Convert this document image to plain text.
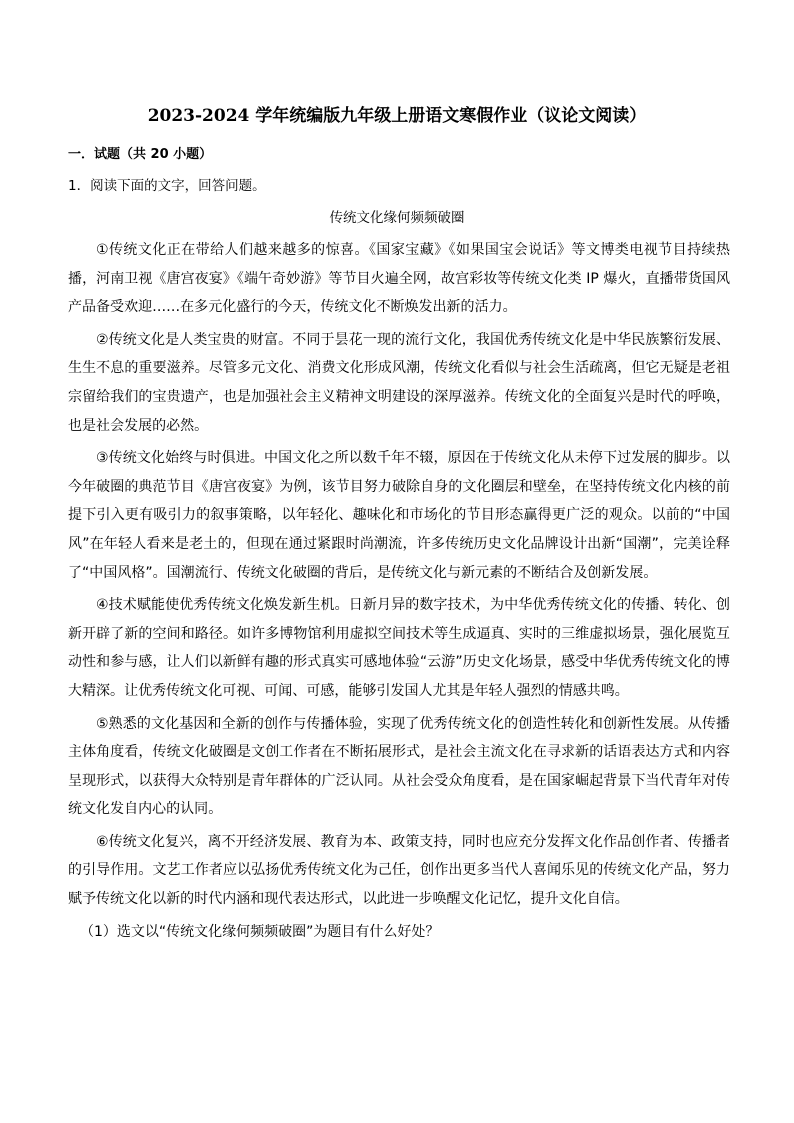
2023-2024 学年统编版九年级上册语文寒假作业（议论文阅读）
一．试题（共 20 小题）
1．阅读下面的文字，回答问题。
传统文化缘何频频破圈

①传统文化正在带给人们越来越多的惊喜。《国家宝藏》《如果国宝会说话》等文博类电视节目持续热播，河南卫视《唐宫夜宴》《端午奇妙游》等节目火遍全网，故宫彩妆等传统文化类 IP 爆火，直播带货国风产品备受欢迎……在多元化盛行的今天，传统文化不断焕发出新的活力。

②传统文化是人类宝贵的财富。不同于昙花一现的流行文化，我国优秀传统文化是中华民族繁衍发展、生生不息的重要滋养。尽管多元文化、消费文化形成风潮，传统文化看似与社会生活疏离，但它无疑是老祖宗留给我们的宝贵遗产，也是加强社会主义精神文明建设的深厚滋养。传统文化的全面复兴是时代的呼唤，也是社会发展的必然。

③传统文化始终与时俱进。中国文化之所以数千年不辍，原因在于传统文化从未停下过发展的脚步。以今年破圈的典范节目《唐宫夜宴》为例，该节目努力破除自身的文化圈层和壁垒，在坚持传统文化内核的前提下引入更有吸引力的叙事策略，以年轻化、趣味化和市场化的节目形态赢得更广泛的观众。以前的“中国风”在年轻人看来是老土的，但现在通过紧跟时尚潮流，许多传统历史文化品牌设计出新“国潮”，完美诠释了“中国风格”。国潮流行、传统文化破圈的背后，是传统文化与新元素的不断结合及创新发展。

④技术赋能使优秀传统文化焕发新生机。日新月异的数字技术，为中华优秀传统文化的传播、转化、创新开辟了新的空间和路径。如许多博物馆利用虚拟空间技术等生成逼真、实时的三维虚拟场景，强化展览互动性和参与感，让人们以新鲜有趣的形式真实可感地体验“云游”历史文化场景，感受中华优秀传统文化的博大精深。让优秀传统文化可视、可闻、可感，能够引发国人尤其是年轻人强烈的情感共鸣。

⑤熟悉的文化基因和全新的创作与传播体验，实现了优秀传统文化的创造性转化和创新性发展。从传播主体角度看，传统文化破圈是文创工作者在不断拓展形式，是社会主流文化在寻求新的话语表达方式和内容呈现形式，以获得大众特别是青年群体的广泛认同。从社会受众角度看，是在国家崛起背景下当代青年对传统文化发自内心的认同。

⑥传统文化复兴，离不开经济发展、教育为本、政策支持，同时也应充分发挥文化作品创作者、传播者的引导作用。文艺工作者应以弘扬优秀传统文化为己任，创作出更多当代人喜闻乐见的传统文化产品，努力赋予传统文化以新的时代内涵和现代表达形式，以此进一步唤醒文化记忆，提升文化自信。

（1）选文以“传统文化缘何频频破圈”为题目有什么好处？
